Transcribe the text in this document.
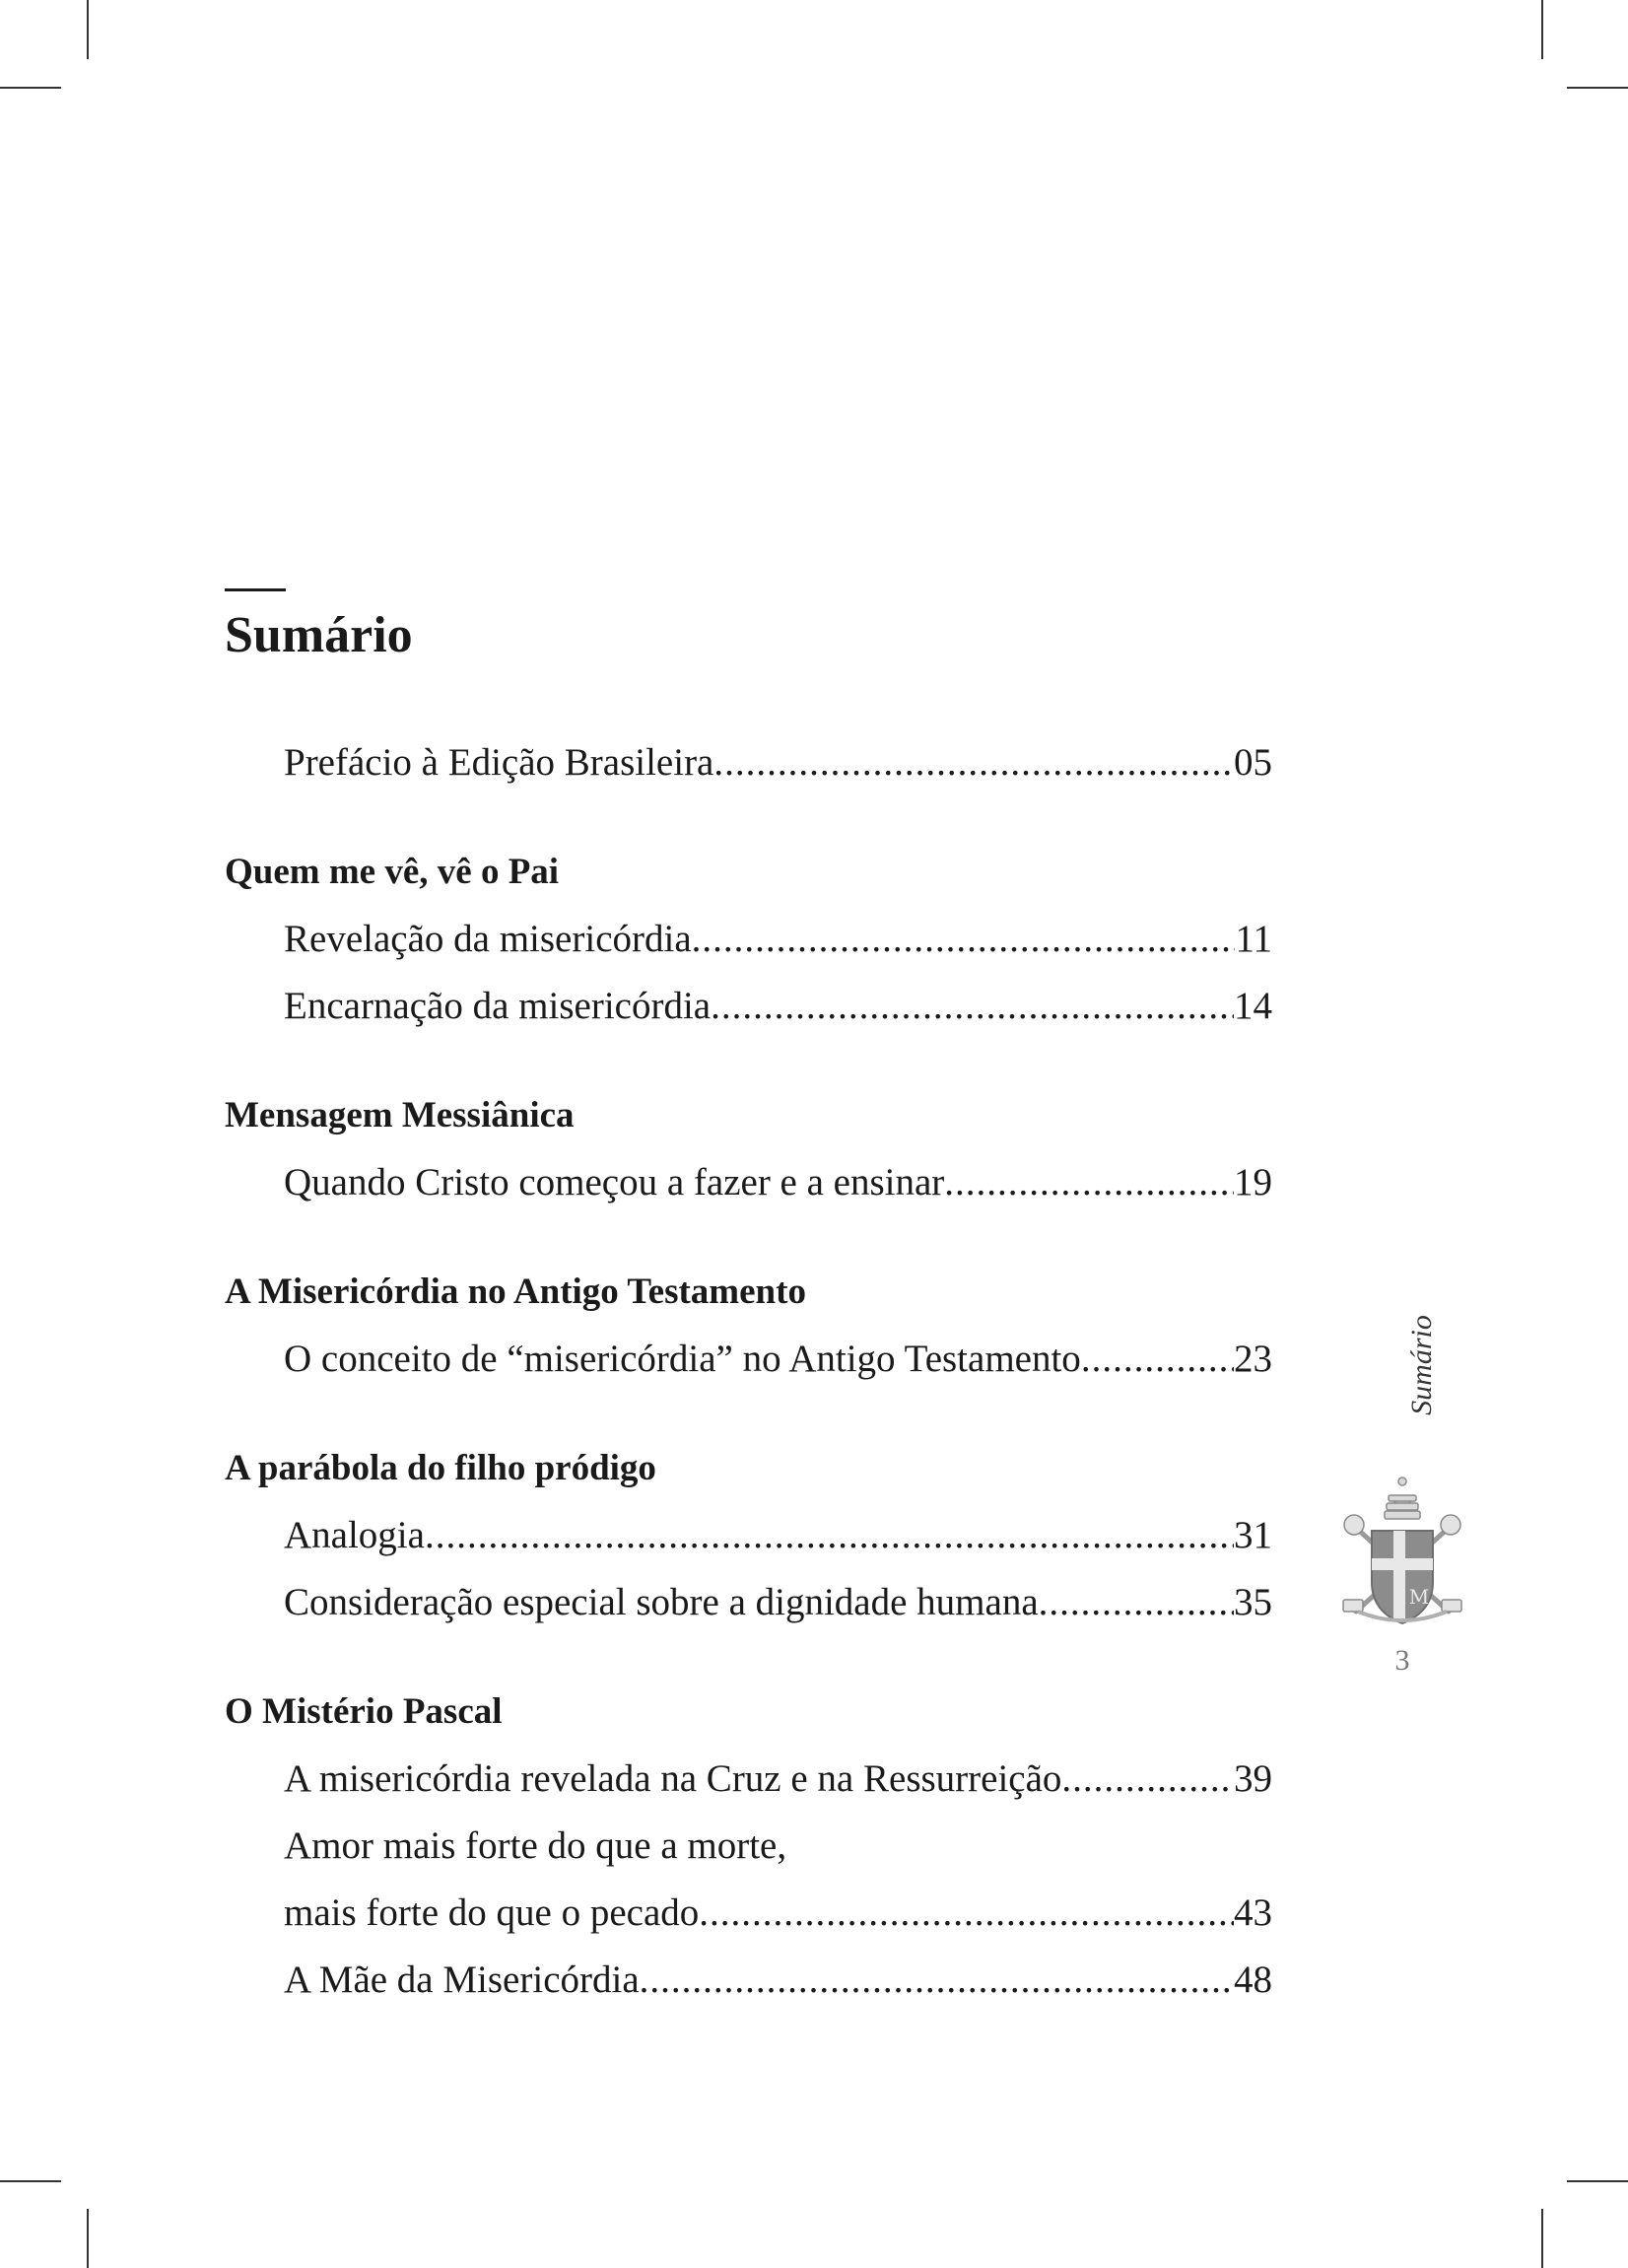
Sumário
Prefácio à Edição Brasileira .....	05
Quem me vê, vê o Pai
Revelação da misericórdia .....	11
Encarnação da misericórdia .....	14
Mensagem Messiânica
Quando Cristo começou a fazer e a ensinar .....	19
A Misericórdia no Antigo Testamento
O conceito de “misericórdia” no Antigo Testamento .....	23
A parábola do filho pródigo
Analogia .....	31
Consideração especial sobre a dignidade humana .....	35
O Mistério Pascal
A misericórdia revelada na Cruz e na Ressurreição .....	39
Amor mais forte do que a morte,
mais forte do que o pecado .....	43
A Mãe da Misericórdia .....	48
Sumário
M
3
